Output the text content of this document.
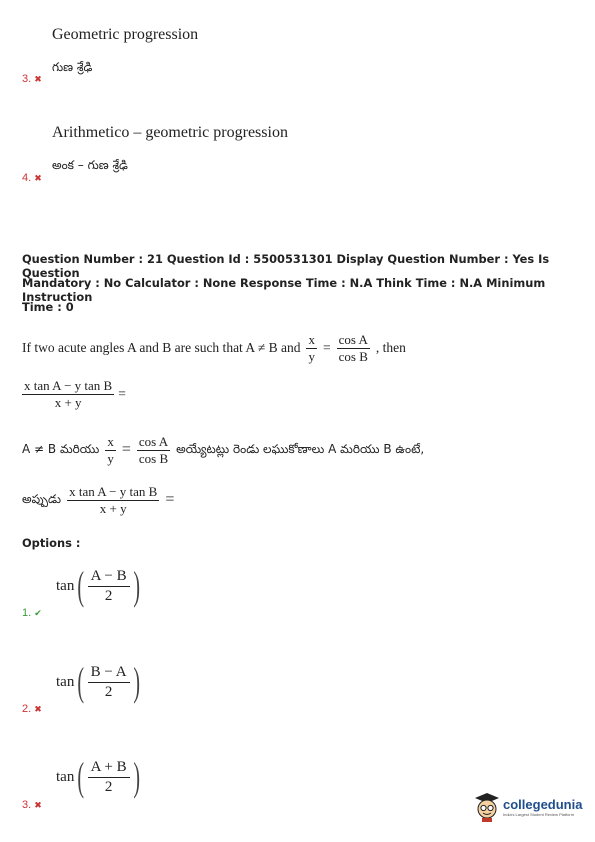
Geometric progression
గుణ శ్రేఢి
3. ✖
Arithmetico – geometric progression
అంక – గుణ శ్రేఢి
4. ✖
Question Number : 21 Question Id : 5500531301 Display Question Number : Yes Is Question
Mandatory : No Calculator : None Response Time : N.A Think Time : N.A Minimum Instruction
Time : 0
If two acute angles A and B are such that A ≠ B and $\frac{x}{y} = \frac{\text{cos A}}{\text{cos B}}$ , then
$\frac{\text{x tan A − y tan B}}{x + y}$ =
A ≠ B మరియు $\frac{x}{y} = \frac{\text{cos A}}{\text{cos B}}$ అయ్యేటట్లు రెండు లఘుకోణాలు A మరియు B ఉంటే,
అప్పుడు $\frac{\text{x tan A − y tan B}}{x + y}$ =
Options :
tan ( $\frac{A - B}{2}$ )
1. ✔
tan ( $\frac{B - A}{2}$ )
2. ✖
tan ( $\frac{A + B}{2}$ )
3. ✖	collegedunia
India's Largest Student Review Platform
